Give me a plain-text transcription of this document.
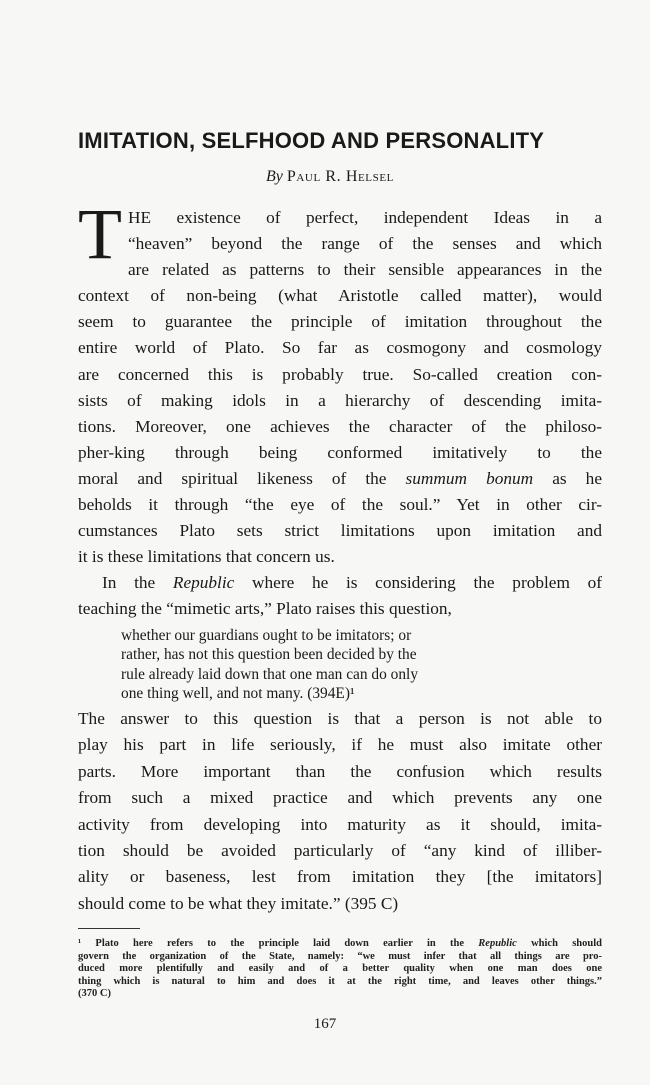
IMITATION, SELFHOOD AND PERSONALITY

By Paul R. Helsel

T HE existence of perfect, independent Ideas in a
“heaven” beyond the range of the senses and which
are related as patterns to their sensible appearances in the
context of non-being (what Aristotle called matter), would
seem to guarantee the principle of imitation throughout the
entire world of Plato. So far as cosmogony and cosmology
are concerned this is probably true. So-called creation con-
sists of making idols in a hierarchy of descending imita-
tions. Moreover, one achieves the character of the philoso-
pher-king through being conformed imitatively to the
moral and spiritual likeness of the summum bonum as he
beholds it through “the eye of the soul.” Yet in other cir-
cumstances Plato sets strict limitations upon imitation and
it is these limitations that concern us.
In the Republic where he is considering the problem of
teaching the “mimetic arts,” Plato raises this question,
whether our guardians ought to be imitators; or
rather, has not this question been decided by the
rule already laid down that one man can do only
one thing well, and not many. (394E)¹
The answer to this question is that a person is not able to
play his part in life seriously, if he must also imitate other
parts. More important than the confusion which results
from such a mixed practice and which prevents any one
activity from developing into maturity as it should, imita-
tion should be avoided particularly of “any kind of illiber-
ality or baseness, lest from imitation they [the imitators]
should come to be what they imitate.” (395 C)
¹ Plato here refers to the principle laid down earlier in the Republic which should
govern the organization of the State, namely: “we must infer that all things are pro-
duced more plentifully and easily and of a better quality when one man does one
thing which is natural to him and does it at the right time, and leaves other things.”
(370 C)
167
